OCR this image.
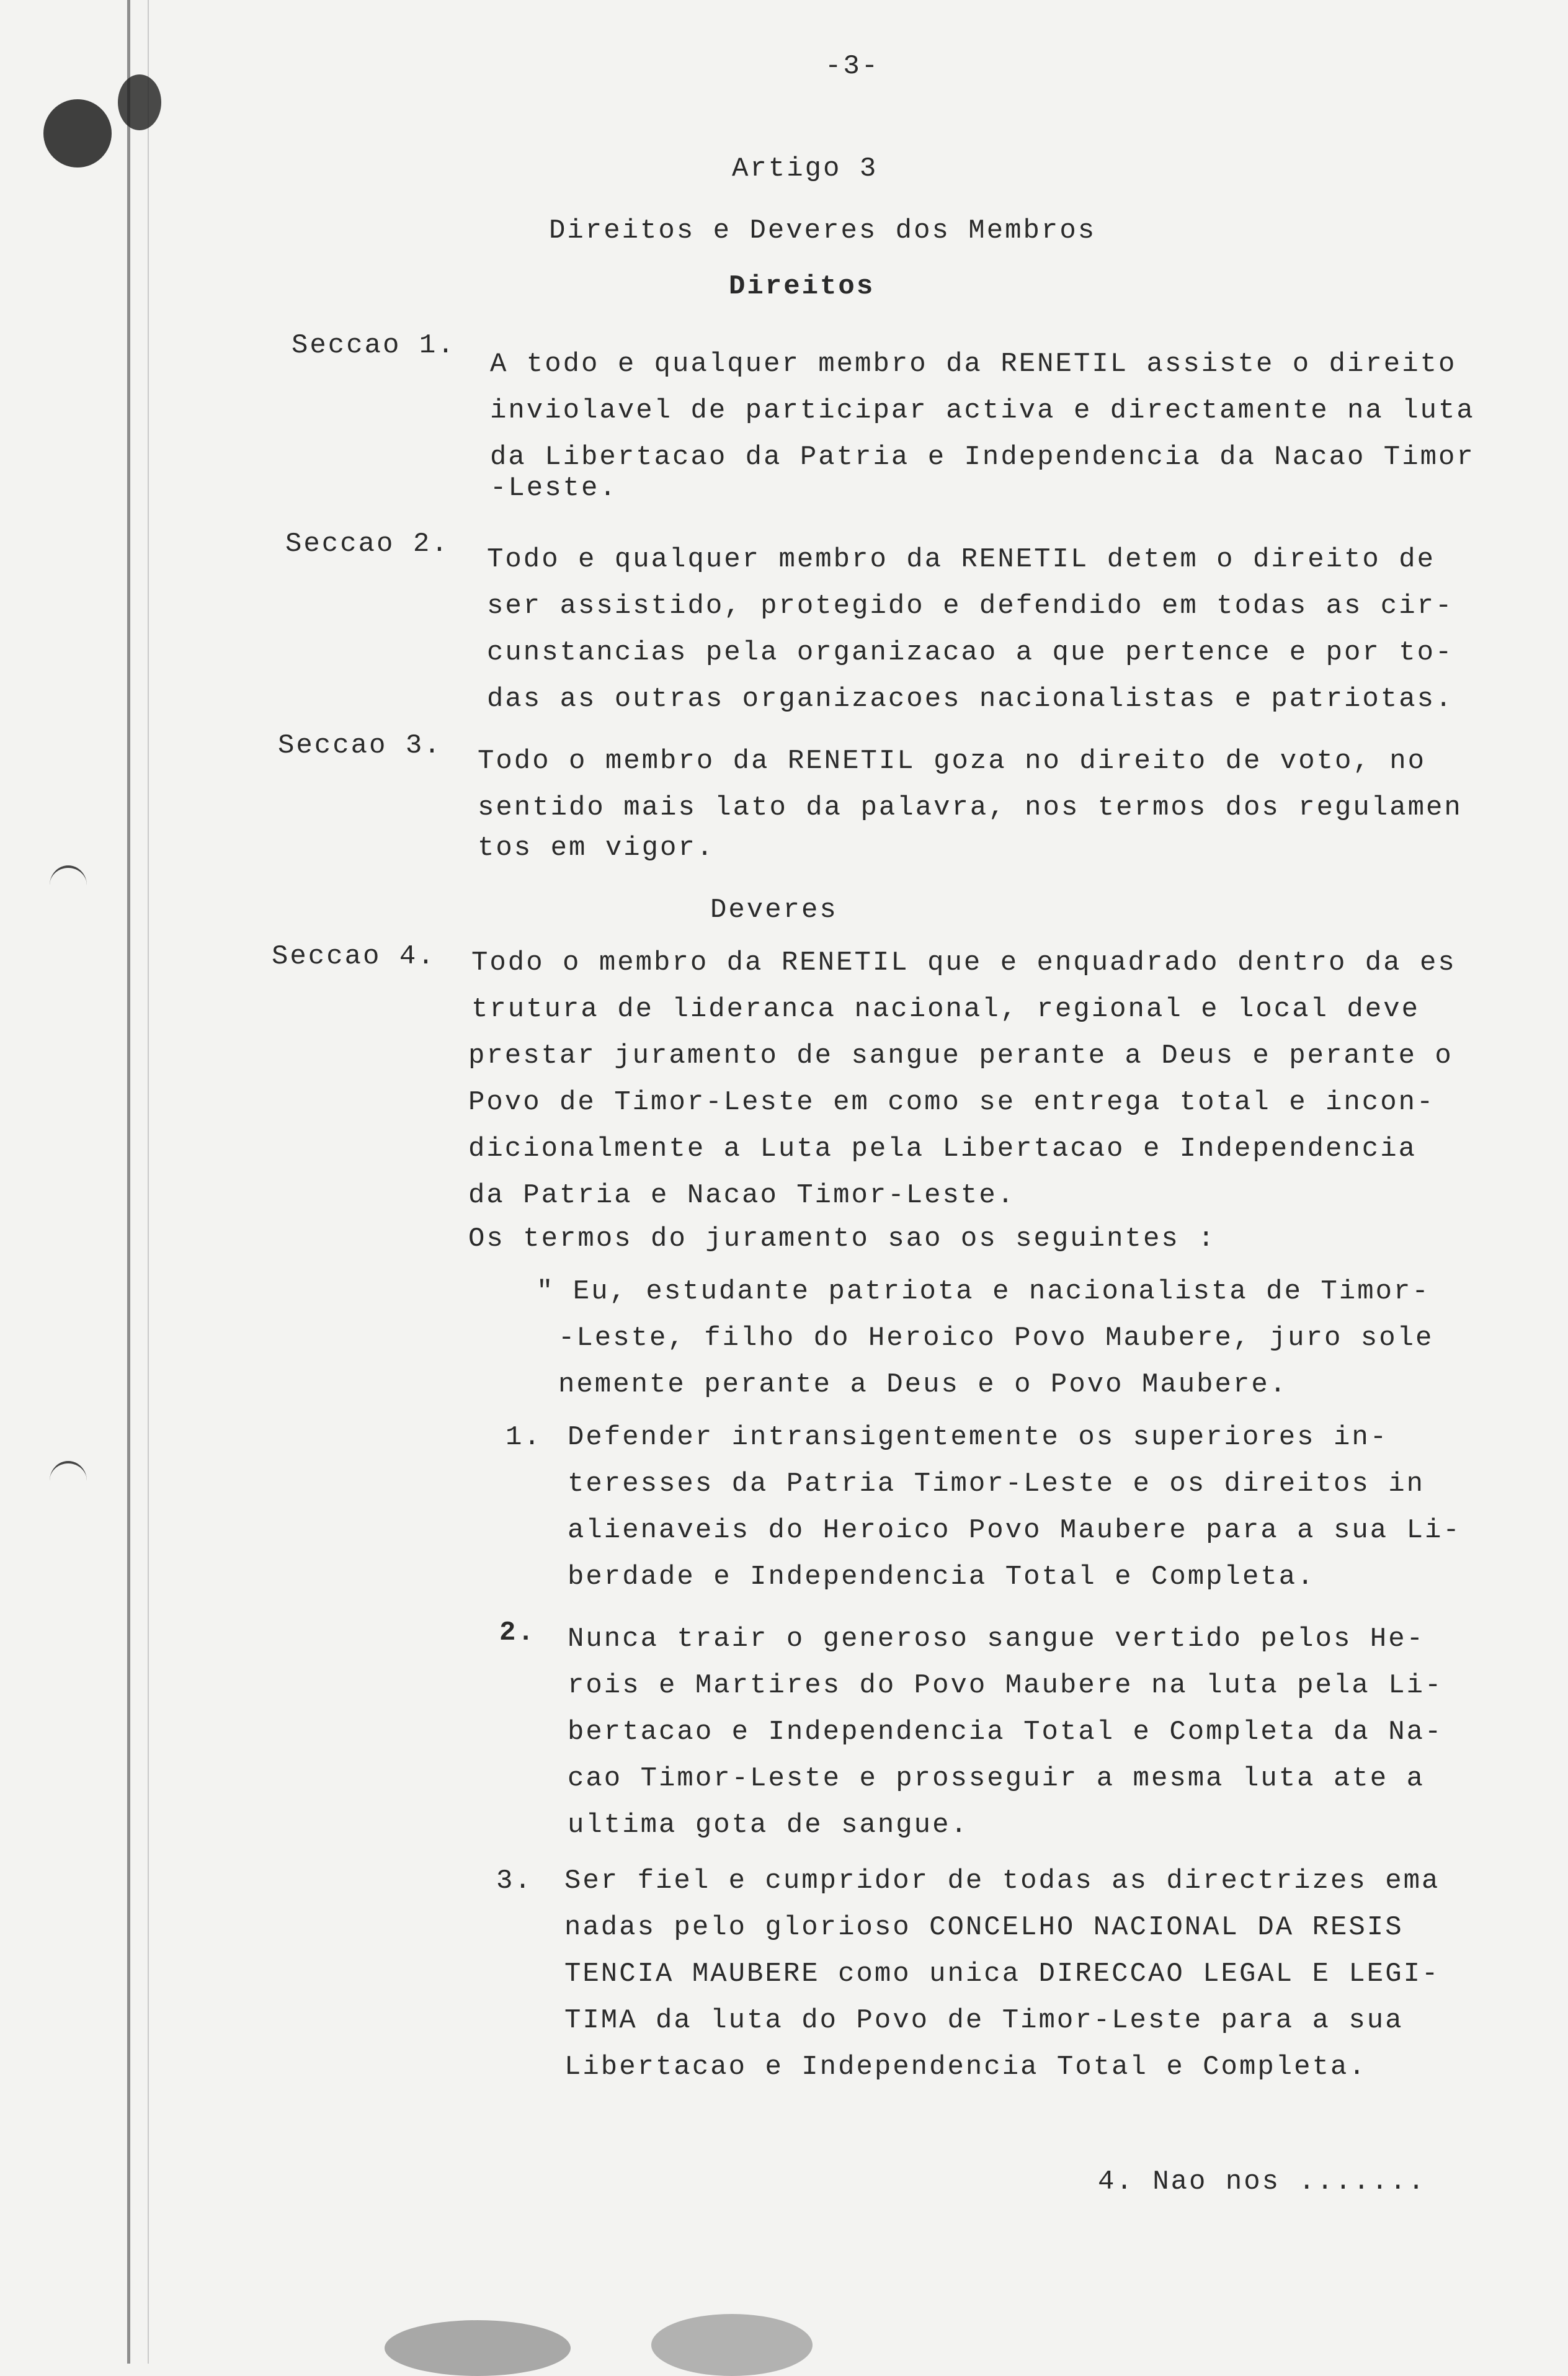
-3-
Artigo 3
Direitos e Deveres dos Membros
Direitos
Seccao 1.
A todo e qualquer membro da RENETIL assiste o direito
inviolavel de participar activa e directamente na luta
da Libertacao da Patria e Independencia da Nacao Timor
-Leste.
Seccao 2. Todo e qualquer membro da RENETIL detem o direito de
ser assistido, protegido e defendido em todas as cir-
cunstancias pela organizacao a que pertence e por to-
das as outras organizacoes nacionalistas e patriotas.
Seccao 3. Todo o membro da RENETIL goza no direito de voto, no
sentido mais lato da palavra, nos termos dos regulamen
tos em vigor.
Deveres
Seccao 4. Todo o membro da RENETIL que e enquadrado dentro da es
trutura de lideranca nacional, regional e local deve
prestar juramento de sangue perante a Deus e perante o
Povo de Timor-Leste em como se entrega total e incon-
dicionalmente a Luta pela Libertacao e Independencia
da Patria e Nacao Timor-Leste.
Os termos do juramento sao os seguintes :
" Eu, estudante patriota e nacionalista de Timor-
-Leste, filho do Heroico Povo Maubere, juro sole
nemente perante a Deus e o Povo Maubere.
1. Defender intransigentemente os superiores in-
teresses da Patria Timor-Leste e os direitos in
alienaveis do Heroico Povo Maubere para a sua Li-
berdade e Independencia Total e Completa.
2. Nunca trair o generoso sangue vertido pelos He-
rois e Martires do Povo Maubere na luta pela Li-
bertacao e Independencia Total e Completa da Na-
cao Timor-Leste e prosseguir a mesma luta ate a
ultima gota de sangue.
3. Ser fiel e cumpridor de todas as directrizes ema
nadas pelo glorioso CONCELHO NACIONAL DA RESIS
TENCIA MAUBERE como unica DIRECCAO LEGAL E LEGI-
TIMA da luta do Povo de Timor-Leste para a sua
Libertacao e Independencia Total e Completa.
4. Nao nos .......
